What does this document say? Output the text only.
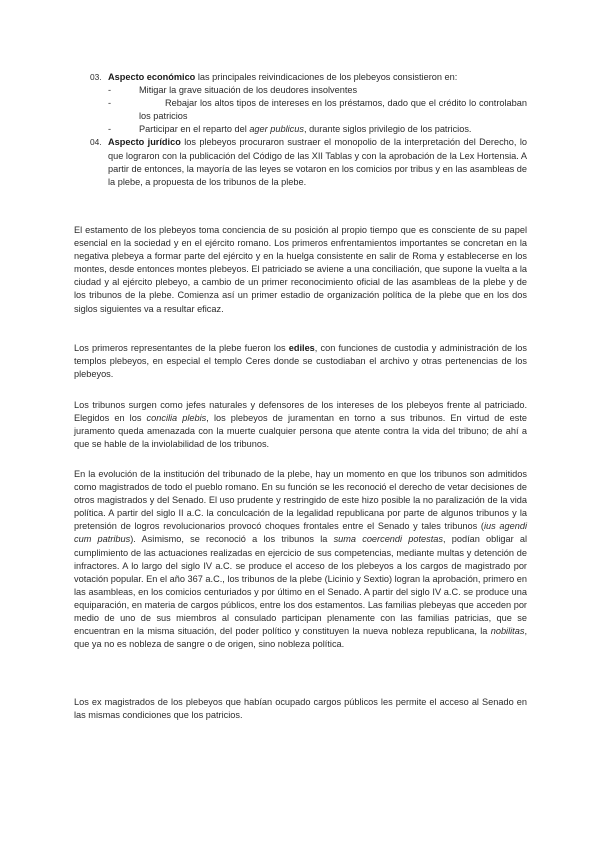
03. Aspecto económico las principales reivindicaciones de los plebeyos consistieron en:
-	Mitigar la grave situación de los deudores insolventes
-	Rebajar los altos tipos de intereses en los préstamos, dado que el crédito lo controlaban los patricios
-	Participar en el reparto del ager publicus, durante siglos privilegio de los patricios.
04. Aspecto jurídico los plebeyos procuraron sustraer el monopolio de la interpretación del Derecho, lo que lograron con la publicación del Código de las XII Tablas y con la aprobación de la Lex Hortensia. A partir de entonces, la mayoría de las leyes se votaron en los comicios por tribus y en las asambleas de la plebe, a propuesta de los tribunos de la plebe.

El estamento de los plebeyos toma conciencia de su posición al propio tiempo que es consciente de su papel esencial en la sociedad y en el ejército romano. Los primeros enfrentamientos importantes se concretan en la negativa plebeya a formar parte del ejército y en la huelga consistente en salir de Roma y establecerse en los montes, desde entonces montes plebeyos. El patriciado se aviene a una conciliación, que supone la vuelta a la ciudad y al ejército plebeyo, a cambio de un primer reconocimiento oficial de las asambleas de la plebe y de los tribunos de la plebe. Comienza así un primer estadio de organización política de la plebe que en los dos siglos siguientes va a resultar eficaz.

Los primeros representantes de la plebe fueron los ediles, con funciones de custodia y administración de los templos plebeyos, en especial el templo Ceres donde se custodiaban el archivo y otras pertenencias de los plebeyos.

Los tribunos surgen como jefes naturales y defensores de los intereses de los plebeyos frente al patriciado. Elegidos en los concilia plebis, los plebeyos de juramentan en torno a sus tribunos. En virtud de este juramento queda amenazada con la muerte cualquier persona que atente contra la vida del tribuno; de ahí a que se hable de la inviolabilidad de los tribunos.

En la evolución de la institución del tribunado de la plebe, hay un momento en que los tribunos son admitidos como magistrados de todo el pueblo romano. En su función se les reconoció el derecho de vetar decisiones de otros magistrados y del Senado. El uso prudente y restringido de este hizo posible la no paralización de la vida política. A partir del siglo II a.C. la conculcación de la legalidad republicana por parte de algunos tribunos y la pretensión de logros revolucionarios provocó choques frontales entre el Senado y tales tribunos (ius agendi cum patribus). Asimismo, se reconoció a los tribunos la suma coercendi potestas, podían obligar al cumplimiento de las actuaciones realizadas en ejercicio de sus competencias, mediante multas y detención de infractores. A lo largo del siglo IV a.C. se produce el acceso de los plebeyos a los cargos de magistrado por votación popular. En el año 367 a.C., los tribunos de la plebe (Licinio y Sextio) logran la aprobación, primero en las asambleas, en los comicios centuriados y por último en el Senado. A partir del siglo IV a.C. se produce una equiparación, en materia de cargos públicos, entre los dos estamentos. Las familias plebeyas que acceden por medio de uno de sus miembros al consulado participan plenamente con las familias patricias, que se encuentran en la misma situación, del poder político y constituyen la nueva nobleza republicana, la nobilitas, que ya no es nobleza de sangre o de origen, sino nobleza política.

Los ex magistrados de los plebeyos que habían ocupado cargos públicos les permite el acceso al Senado en las mismas condiciones que los patricios.
